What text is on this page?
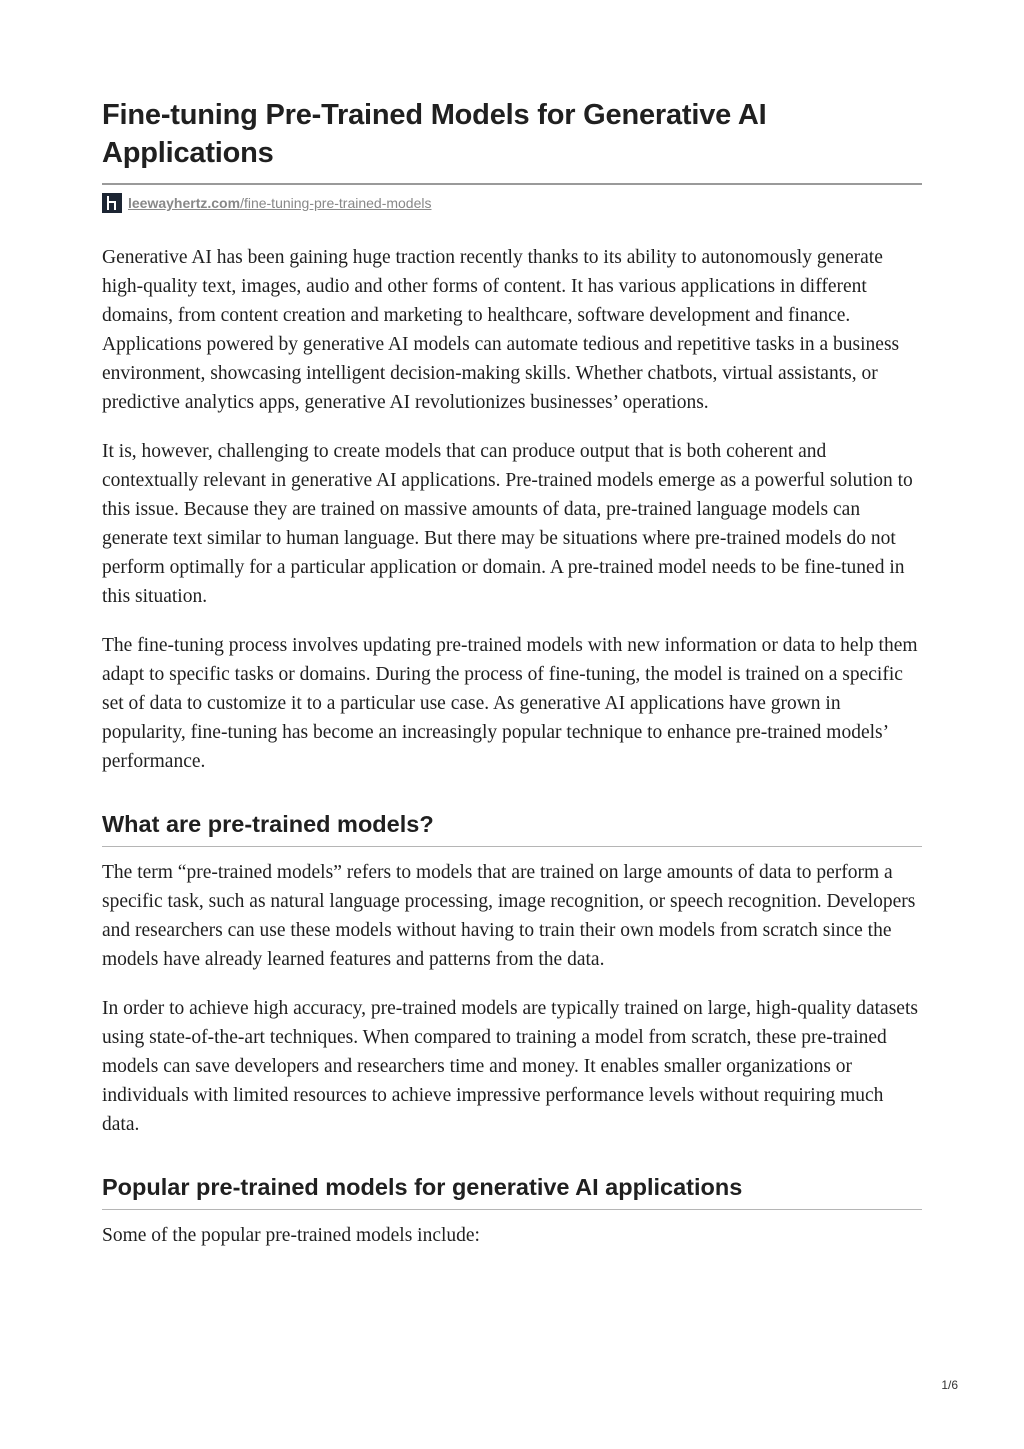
Fine-tuning Pre-Trained Models for Generative AI Applications
leewayhertz.com/fine-tuning-pre-trained-models

Generative AI has been gaining huge traction recently thanks to its ability to autonomously generate high-quality text, images, audio and other forms of content. It has various applications in different domains, from content creation and marketing to healthcare, software development and finance. Applications powered by generative AI models can automate tedious and repetitive tasks in a business environment, showcasing intelligent decision-making skills. Whether chatbots, virtual assistants, or predictive analytics apps, generative AI revolutionizes businesses’ operations.

It is, however, challenging to create models that can produce output that is both coherent and contextually relevant in generative AI applications. Pre-trained models emerge as a powerful solution to this issue. Because they are trained on massive amounts of data, pre-trained language models can generate text similar to human language. But there may be situations where pre-trained models do not perform optimally for a particular application or domain. A pre-trained model needs to be fine-tuned in this situation.

The fine-tuning process involves updating pre-trained models with new information or data to help them adapt to specific tasks or domains. During the process of fine-tuning, the model is trained on a specific set of data to customize it to a particular use case. As generative AI applications have grown in popularity, fine-tuning has become an increasingly popular technique to enhance pre-trained models’ performance.

What are pre-trained models?

The term “pre-trained models” refers to models that are trained on large amounts of data to perform a specific task, such as natural language processing, image recognition, or speech recognition. Developers and researchers can use these models without having to train their own models from scratch since the models have already learned features and patterns from the data.

In order to achieve high accuracy, pre-trained models are typically trained on large, high-quality datasets using state-of-the-art techniques. When compared to training a model from scratch, these pre-trained models can save developers and researchers time and money. It enables smaller organizations or individuals with limited resources to achieve impressive performance levels without requiring much data.

Popular pre-trained models for generative AI applications

Some of the popular pre-trained models include:

1/6
